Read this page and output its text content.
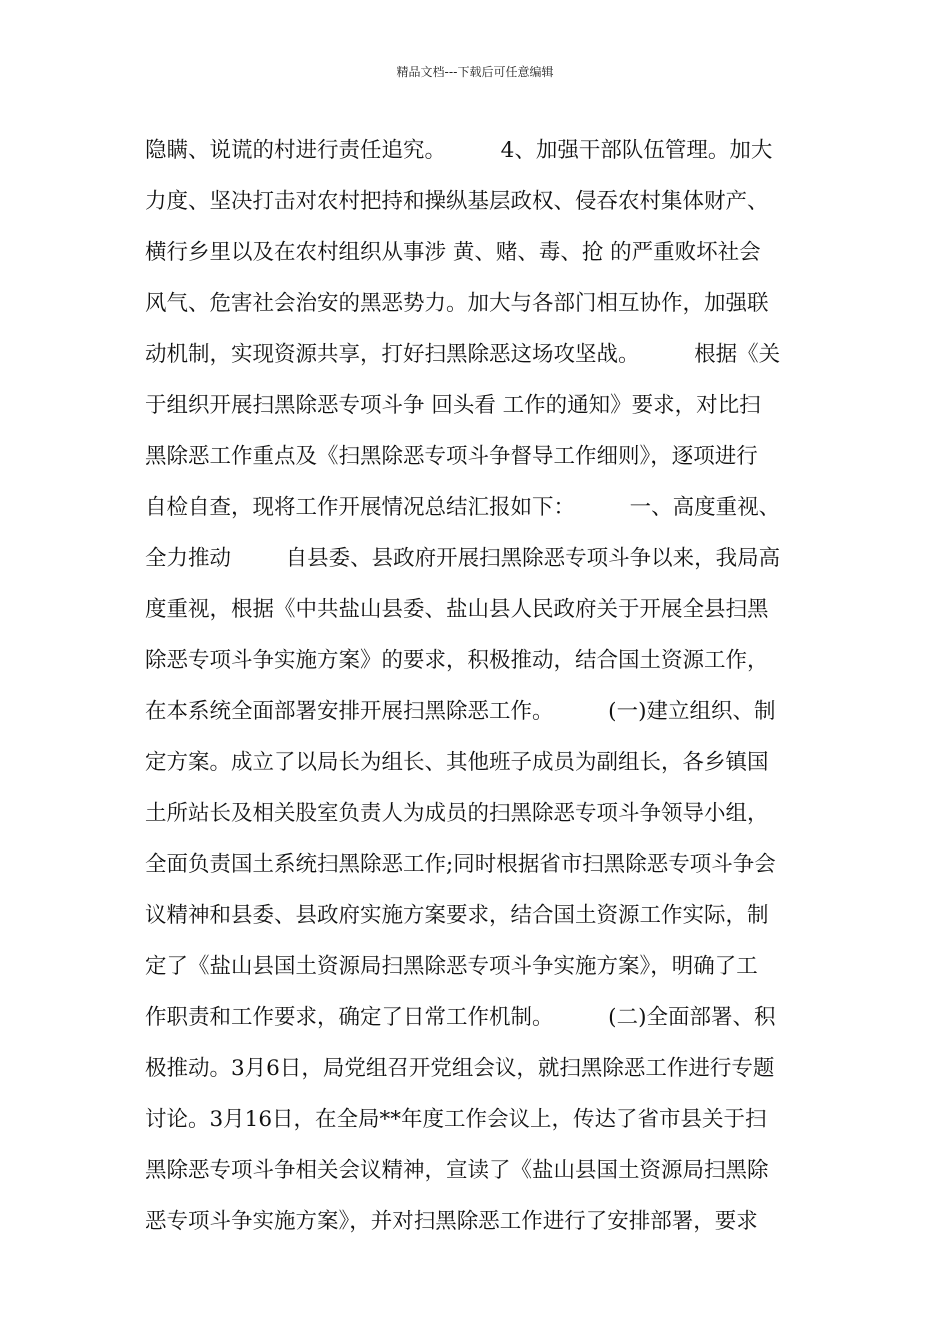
精品文档---下载后可任意编辑
隐瞒、说谎的村进行责任追究。        4、加强干部队伍管理。加大
力度、坚决打击对农村把持和操纵基层政权、侵吞农村集体财产、
横行乡里以及在农村组织从事涉 黄、赌、毒、抢 的严重败坏社会
风气、危害社会治安的黑恶势力。加大与各部门相互协作，加强联
动机制，实现资源共享，打好扫黑除恶这场攻坚战。        根据《关
于组织开展扫黑除恶专项斗争 回头看 工作的通知》要求，对比扫
黑除恶工作重点及《扫黑除恶专项斗争督导工作细则》，逐项进行
自检自查，现将工作开展情况总结汇报如下：        一、高度重视、
全力推动        自县委、县政府开展扫黑除恶专项斗争以来，我局高
度重视，根据《中共盐山县委、盐山县人民政府关于开展全县扫黑
除恶专项斗争实施方案》的要求，积极推动，结合国土资源工作，
在本系统全面部署安排开展扫黑除恶工作。        (一)建立组织、制
定方案。成立了以局长为组长、其他班子成员为副组长，各乡镇国
土所站长及相关股室负责人为成员的扫黑除恶专项斗争领导小组，
全面负责国土系统扫黑除恶工作;同时根据省市扫黑除恶专项斗争会
议精神和县委、县政府实施方案要求，结合国土资源工作实际，制
定了《盐山县国土资源局扫黑除恶专项斗争实施方案》，明确了工
作职责和工作要求，确定了日常工作机制。        (二)全面部署、积
极推动。3月6日，局党组召开党组会议，就扫黑除恶工作进行专题
讨论。3月16日，在全局**年度工作会议上，传达了省市县关于扫
黑除恶专项斗争相关会议精神，宣读了《盐山县国土资源局扫黑除
恶专项斗争实施方案》，并对扫黑除恶工作进行了安排部署，要求
